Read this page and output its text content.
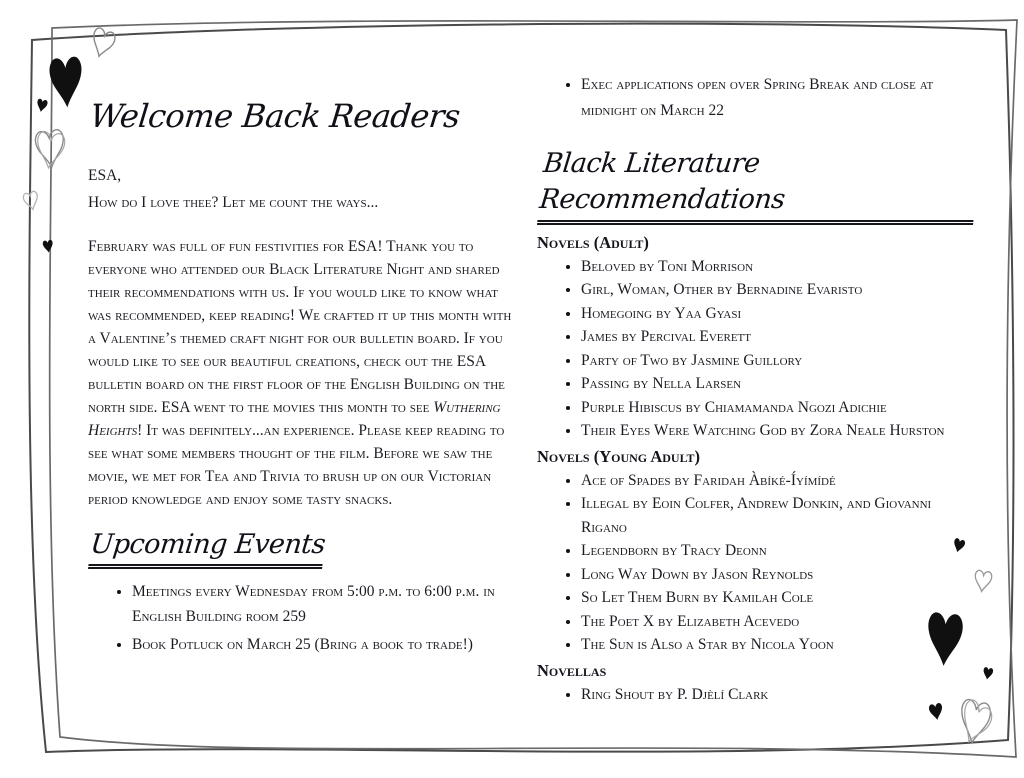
Welcome Back Readers
ESA,
How do I love thee? Let me count the ways...

February was full of fun festivities for ESA! Thank you to everyone who attended our Black Literature Night and shared their recommendations with us. If you would like to know what was recommended, keep reading! We crafted it up this month with a Valentine’s themed craft night for our bulletin board. If you would like to see our beautiful creations, check out the ESA bulletin board on the first floor of the English Building on the north side. ESA went to the movies this month to see Wuthering Heights! It was definitely...an experience. Please keep reading to see what some members thought of the film. Before we saw the movie, we met for Tea and Trivia to brush up on our Victorian period knowledge and enjoy some tasty snacks.

Upcoming Events
• Meetings every Wednesday from 5:00 p.m. to 6:00 p.m. in English Building room 259
• Book Potluck on March 25 (Bring a book to trade!)
• Exec applications open over Spring Break and close at midnight on March 22
Black Literature Recommendations
Novels (Adult)
• Beloved by Toni Morrison
• Girl, Woman, Other by Bernadine Evaristo
• Homegoing by Yaa Gyasi
• James by Percival Everett
• Party of Two by Jasmine Guillory
• Passing by Nella Larsen
• Purple Hibiscus by Chiamamanda Ngozi Adichie
• Their Eyes Were Watching God by Zora Neale Hurston
Novels (Young Adult)
• Ace of Spades by Faridah Àbíké-Íyímídé
• Illegal by Eoin Colfer, Andrew Donkin, and Giovanni Rigano
• Legendborn by Tracy Deonn
• Long Way Down by Jason Reynolds
• So Let Them Burn by Kamilah Cole
• The Poet X by Elizabeth Acevedo
• The Sun is Also a Star by Nicola Yoon
Novellas
• Ring Shout by P. Djèlí Clark
